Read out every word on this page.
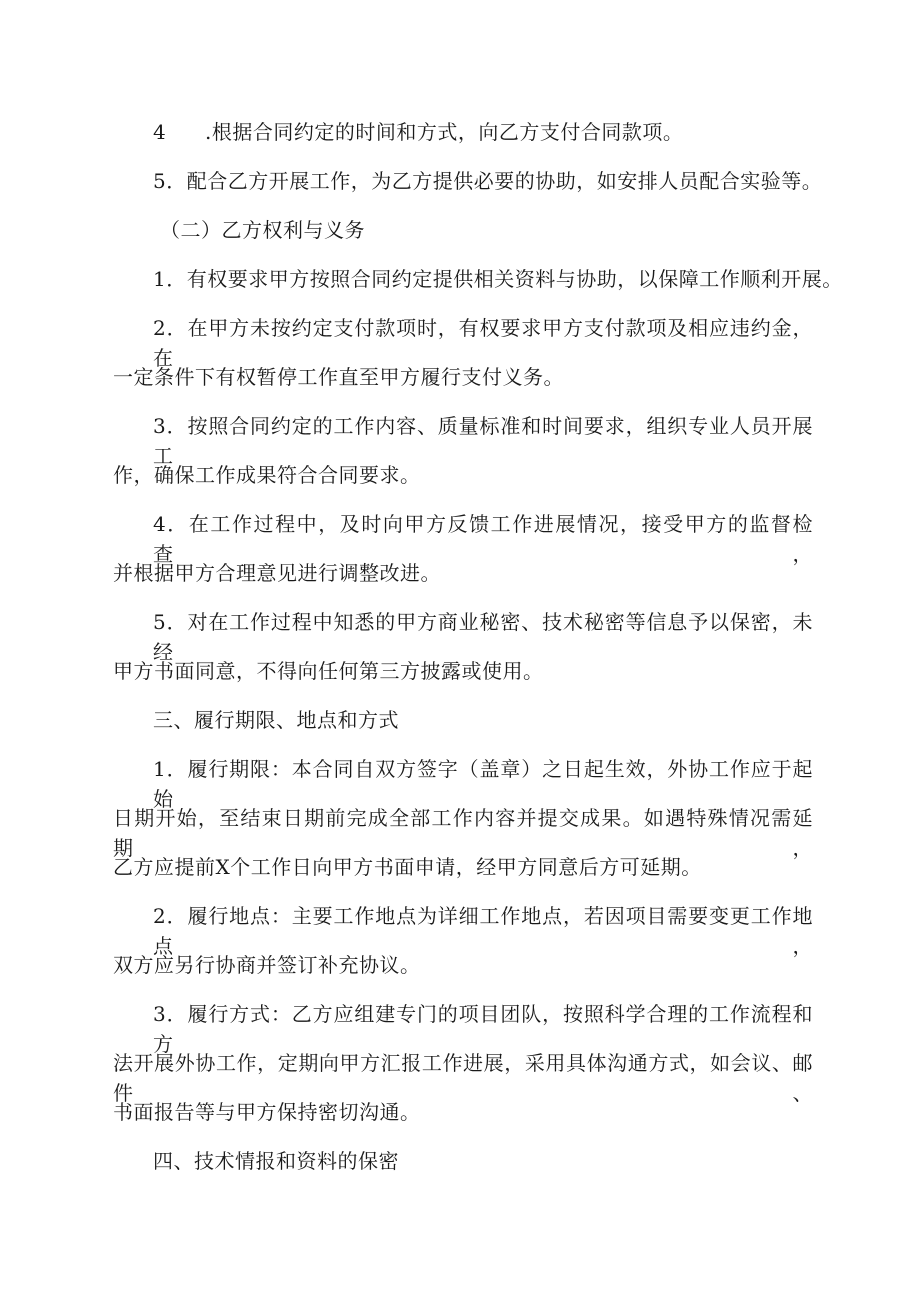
4 .根据合同约定的时间和方式，向乙方支付合同款项。
5．配合乙方开展工作，为乙方提供必要的协助，如安排人员配合实验等。
（二）乙方权利与义务
1．有权要求甲方按照合同约定提供相关资料与协助，以保障工作顺利开展。
2．在甲方未按约定支付款项时，有权要求甲方支付款项及相应违约金，在
一定条件下有权暂停工作直至甲方履行支付义务。
3．按照合同约定的工作内容、质量标准和时间要求，组织专业人员开展工
作，确保工作成果符合合同要求。
4．在工作过程中，及时向甲方反馈工作进展情况，接受甲方的监督检查，
并根据甲方合理意见进行调整改进。
5．对在工作过程中知悉的甲方商业秘密、技术秘密等信息予以保密，未经
甲方书面同意，不得向任何第三方披露或使用。
三、履行期限、地点和方式
1．履行期限：本合同自双方签字（盖章）之日起生效，外协工作应于起始
日期开始，至结束日期前完成全部工作内容并提交成果。如遇特殊情况需延期，
乙方应提前X个工作日向甲方书面申请，经甲方同意后方可延期。
2．履行地点：主要工作地点为详细工作地点，若因项目需要变更工作地点，
双方应另行协商并签订补充协议。
3．履行方式：乙方应组建专门的项目团队，按照科学合理的工作流程和方
法开展外协工作，定期向甲方汇报工作进展，采用具体沟通方式，如会议、邮件、
书面报告等与甲方保持密切沟通。
四、技术情报和资料的保密
